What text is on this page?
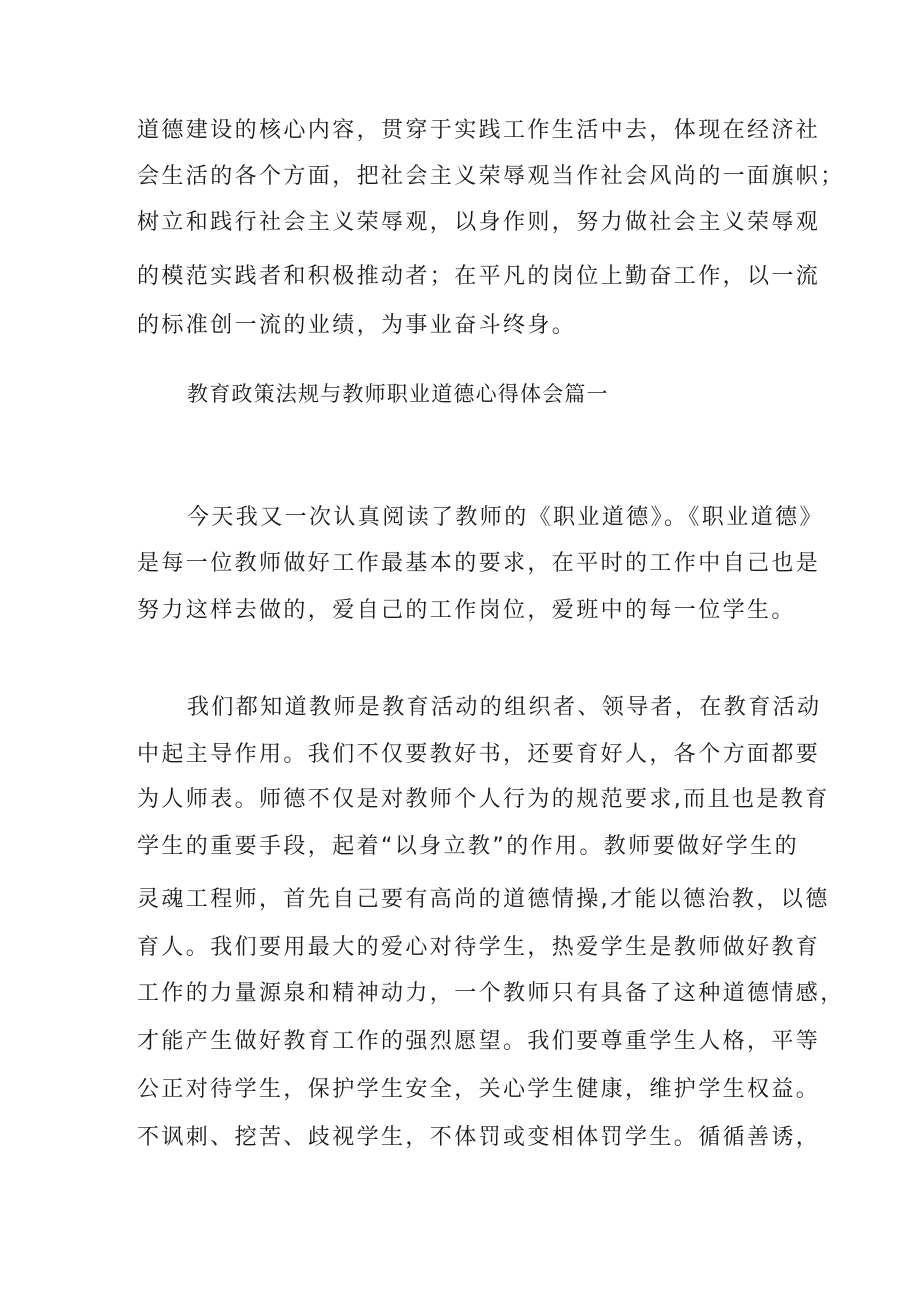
道德建设的核心内容，贯穿于实践工作生活中去，体现在经济社
会生活的各个方面，把社会主义荣辱观当作社会风尚的一面旗帜；
树立和践行社会主义荣辱观，以身作则，努力做社会主义荣辱观
的模范实践者和积极推动者；在平凡的岗位上勤奋工作，以一流
的标准创一流的业绩，为事业奋斗终身。
教育政策法规与教师职业道德心得体会篇一
今天我又一次认真阅读了教师的《职业道德》。《职业道德》
是每一位教师做好工作最基本的要求，在平时的工作中自己也是
努力这样去做的，爱自己的工作岗位，爱班中的每一位学生。
我们都知道教师是教育活动的组织者、领导者，在教育活动
中起主导作用。我们不仅要教好书，还要育好人，各个方面都要
为人师表。师德不仅是对教师个人行为的规范要求,而且也是教育
学生的重要手段，起着“以身立教”的作用。教师要做好学生的
灵魂工程师，首先自己要有高尚的道德情操,才能以德治教，以德
育人。我们要用最大的爱心对待学生，热爱学生是教师做好教育
工作的力量源泉和精神动力，一个教师只有具备了这种道德情感，
才能产生做好教育工作的强烈愿望。我们要尊重学生人格，平等
公正对待学生，保护学生安全，关心学生健康，维护学生权益。
不讽刺、挖苦、歧视学生，不体罚或变相体罚学生。循循善诱，
